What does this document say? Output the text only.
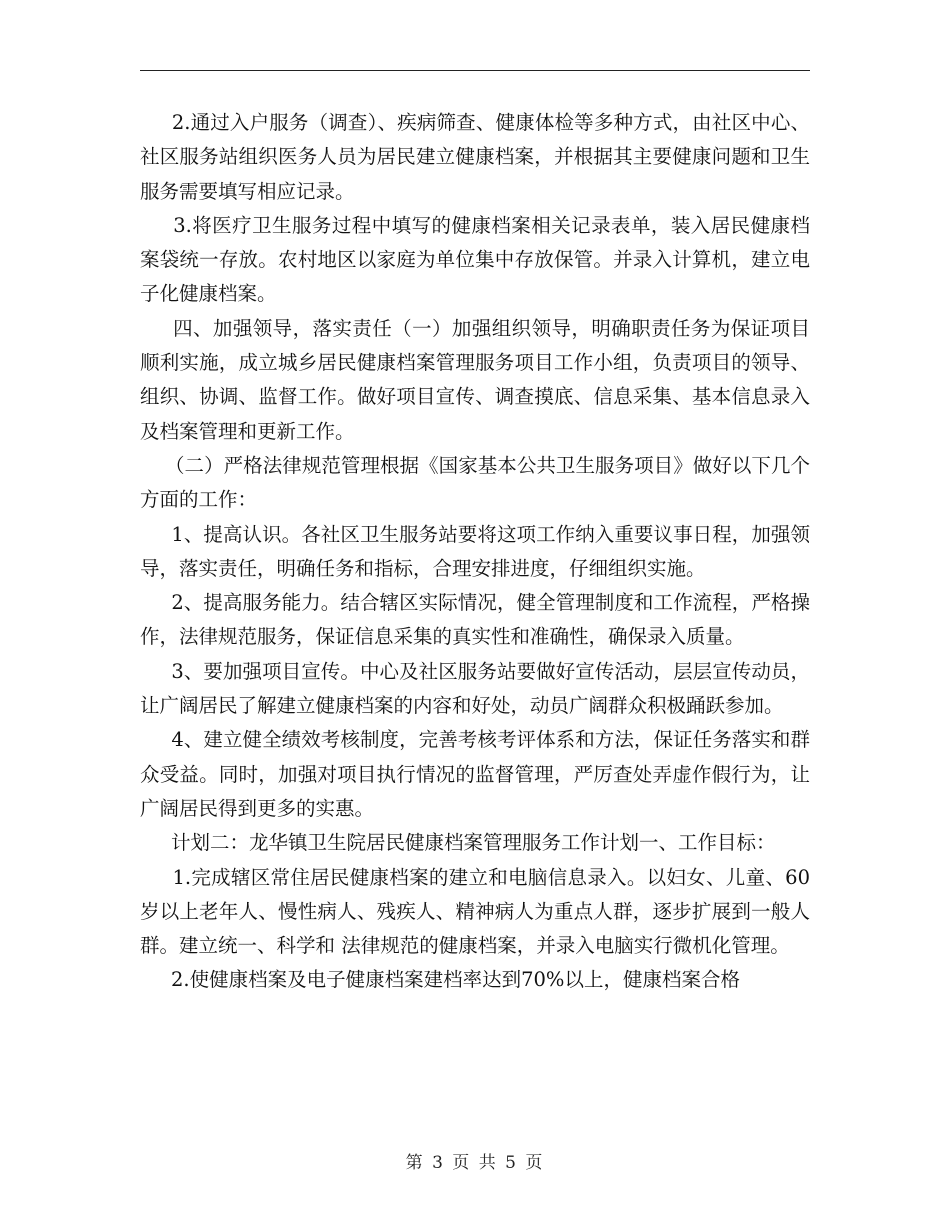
2.通过入户服务（调查）、疾病筛查、健康体检等多种方式，由社区中心、社区服务站组织医务人员为居民建立健康档案，并根据其主要健康问题和卫生服务需要填写相应记录。

3.将医疗卫生服务过程中填写的健康档案相关记录表单，装入居民健康档案袋统一存放。农村地区以家庭为单位集中存放保管。并录入计算机，建立电子化健康档案。

四、加强领导，落实责任（一）加强组织领导，明确职责任务为保证项目顺利实施，成立城乡居民健康档案管理服务项目工作小组，负责项目的领导、组织、协调、监督工作。做好项目宣传、调查摸底、信息采集、基本信息录入及档案管理和更新工作。

（二）严格法律规范管理根据《国家基本公共卫生服务项目》做好以下几个方面的工作：

1、提高认识。各社区卫生服务站要将这项工作纳入重要议事日程，加强领导，落实责任，明确任务和指标，合理安排进度，仔细组织实施。

2、提高服务能力。结合辖区实际情况，健全管理制度和工作流程，严格操作，法律规范服务，保证信息采集的真实性和准确性，确保录入质量。

3、要加强项目宣传。中心及社区服务站要做好宣传活动，层层宣传动员，让广阔居民了解建立健康档案的内容和好处，动员广阔群众积极踊跃参加。

4、建立健全绩效考核制度，完善考核考评体系和方法，保证任务落实和群众受益。同时，加强对项目执行情况的监督管理，严厉查处弄虚作假行为，让广阔居民得到更多的实惠。

计划二：龙华镇卫生院居民健康档案管理服务工作计划一、工作目标：

1.完成辖区常住居民健康档案的建立和电脑信息录入。以妇女、儿童、60岁以上老年人、慢性病人、残疾人、精神病人为重点人群，逐步扩展到一般人群。建立统一、科学和 法律规范的健康档案，并录入电脑实行微机化管理。

2.使健康档案及电子健康档案建档率达到70%以上，健康档案合格

第 3 页 共 5 页
